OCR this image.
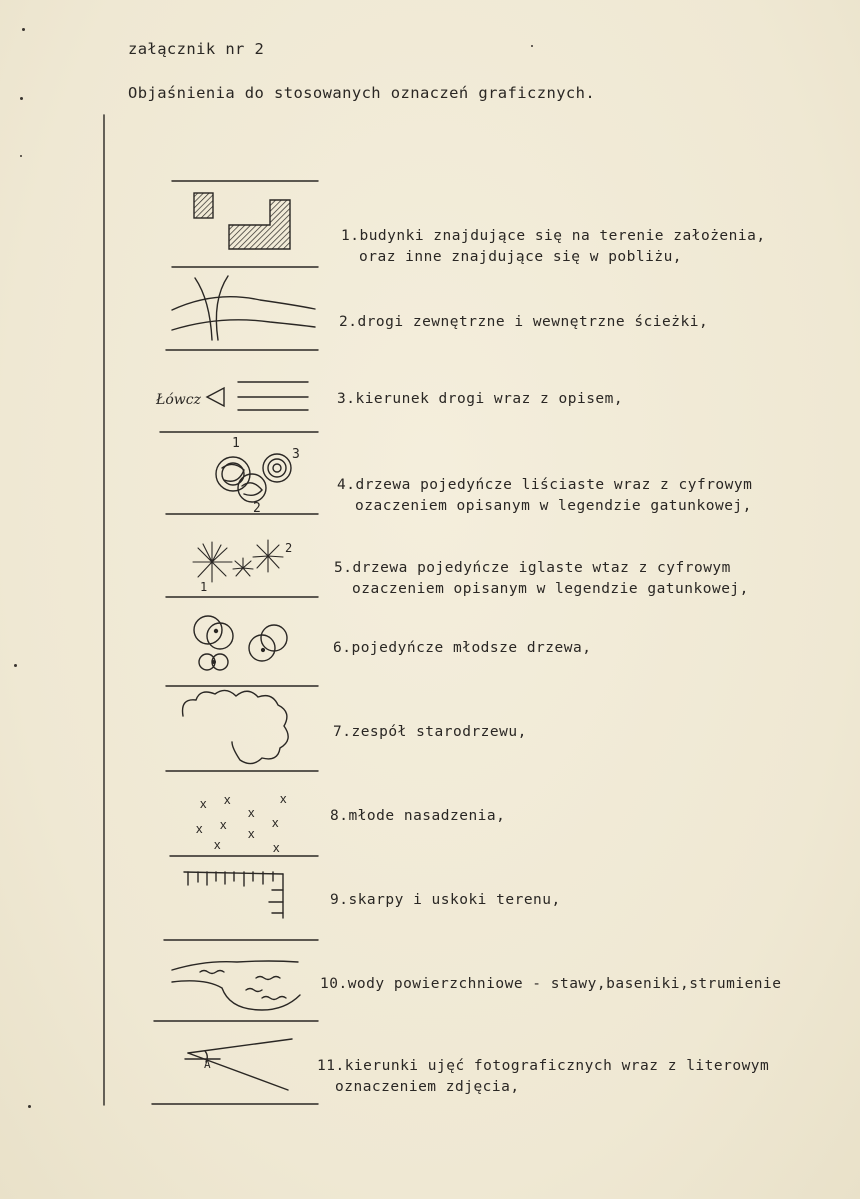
załącznik nr 2
Objaśnienia do stosowanych oznaczeń graficznych.
1.budynki znajdujące się na terenie założenia,
oraz inne znajdujące się w pobliżu,
2.drogi zewnętrzne i wewnętrzne ścieżki,
3.kierunek drogi wraz z opisem,
4.drzewa pojedyńcze liściaste wraz z cyfrowym
ozaczeniem opisanym w legendzie gatunkowej,
5.drzewa pojedyńcze iglaste wtaz z cyfrowym
ozaczeniem opisanym w legendzie gatunkowej,
6.pojedyńcze młodsze drzewa,
7.zespół starodrzewu,
8.młode nasadzenia,
9.skarpy i uskoki terenu,
10.wody powierzchniowe - stawy,baseniki,strumienie
11.kierunki ujęć fotograficznych wraz z literowym
oznaczeniem zdjęcia,
Łówcz
1
2
3
1
2
x x	x
x x
x
x
x
x	x
A
